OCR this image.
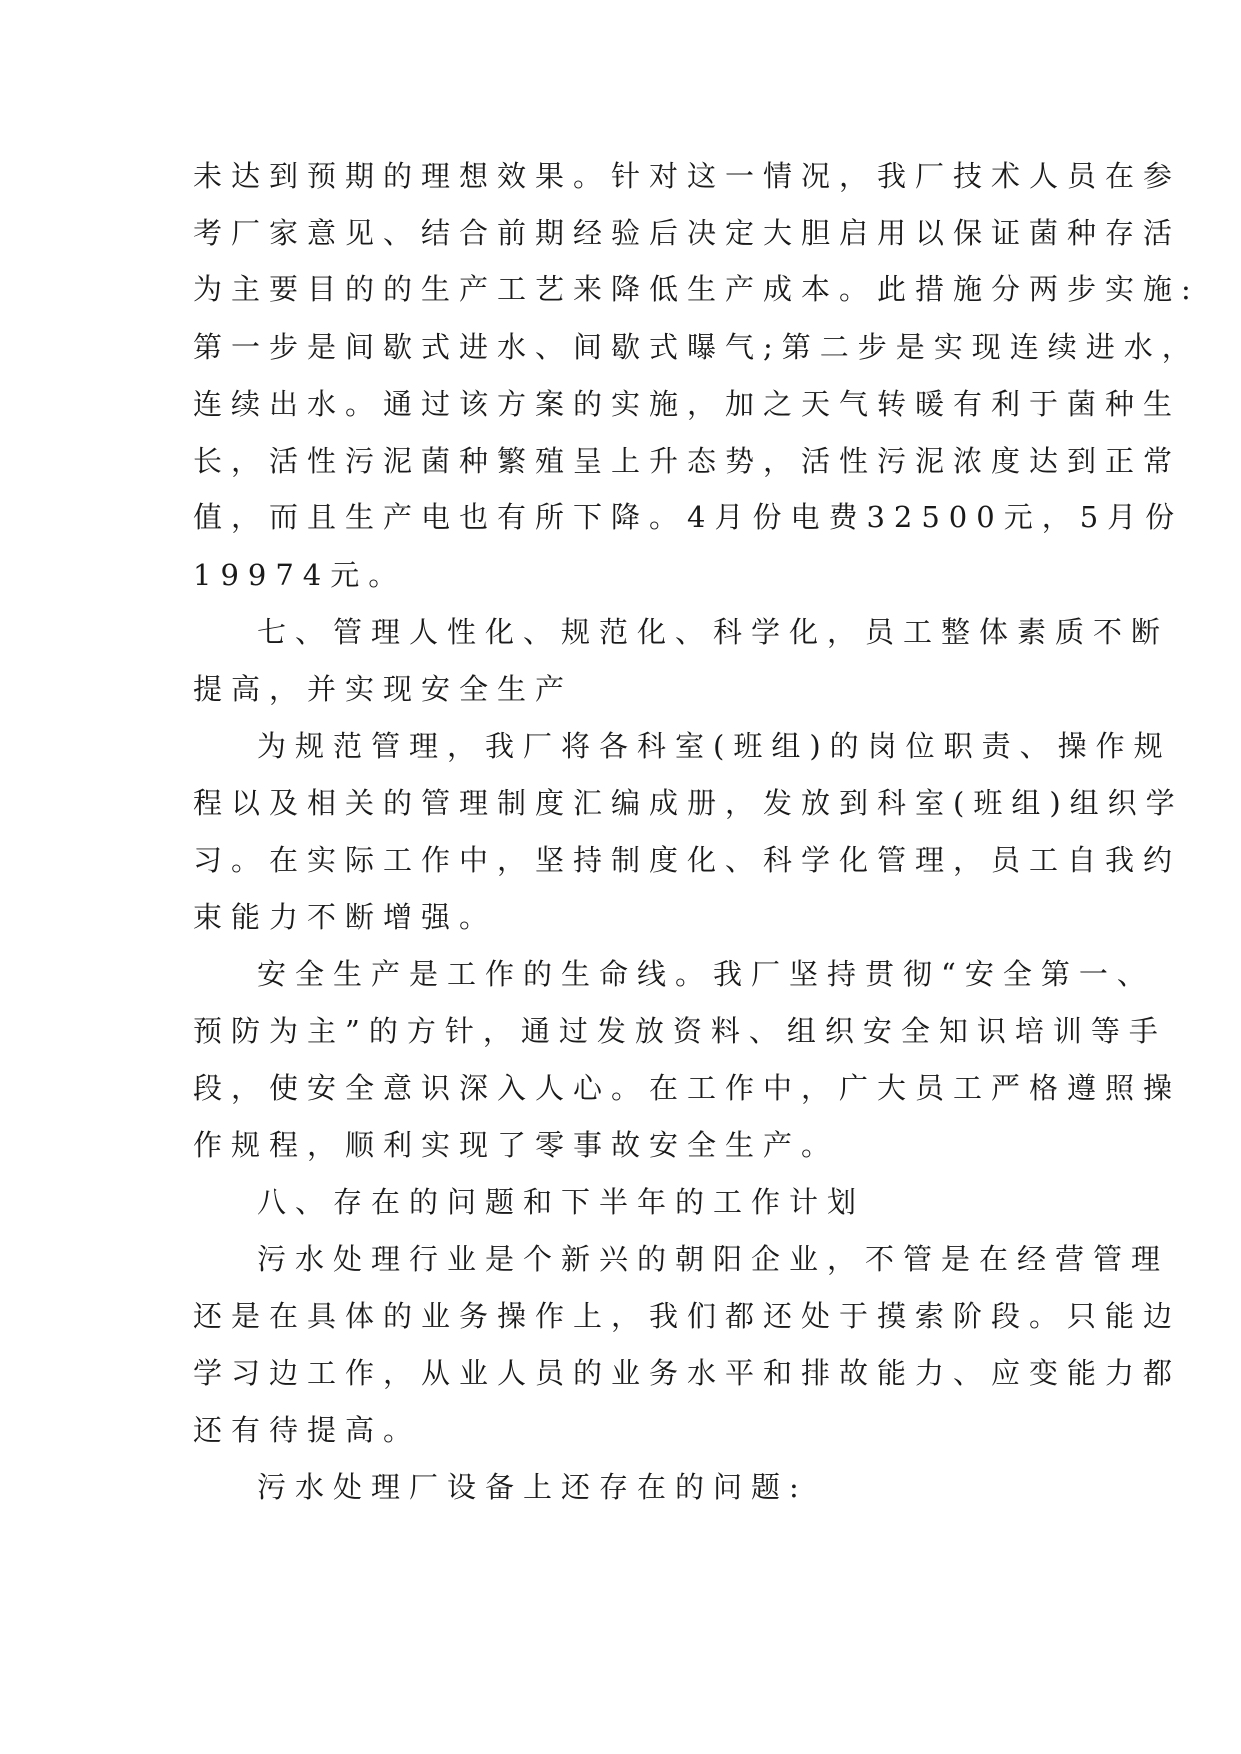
未达到预期的理想效果。针对这一情况，我厂技术人员在参
考厂家意见、结合前期经验后决定大胆启用以保证菌种存活
为主要目的的生产工艺来降低生产成本。此措施分两步实施:
第一步是间歇式进水、间歇式曝气;第二步是实现连续进水，
连续出水。通过该方案的实施，加之天气转暖有利于菌种生
长，活性污泥菌种繁殖呈上升态势，活性污泥浓度达到正常
值，而且生产电也有所下降。4月份电费32500元，5月份
19974元。
七、管理人性化、规范化、科学化，员工整体素质不断
提高，并实现安全生产
为规范管理，我厂将各科室(班组)的岗位职责、操作规
程以及相关的管理制度汇编成册，发放到科室(班组)组织学
习。在实际工作中，坚持制度化、科学化管理，员工自我约
束能力不断增强。
安全生产是工作的生命线。我厂坚持贯彻“安全第一、
预防为主”的方针，通过发放资料、组织安全知识培训等手
段，使安全意识深入人心。在工作中，广大员工严格遵照操
作规程，顺利实现了零事故安全生产。
八、存在的问题和下半年的工作计划
污水处理行业是个新兴的朝阳企业，不管是在经营管理
还是在具体的业务操作上，我们都还处于摸索阶段。只能边
学习边工作，从业人员的业务水平和排故能力、应变能力都
还有待提高。
污水处理厂设备上还存在的问题:
